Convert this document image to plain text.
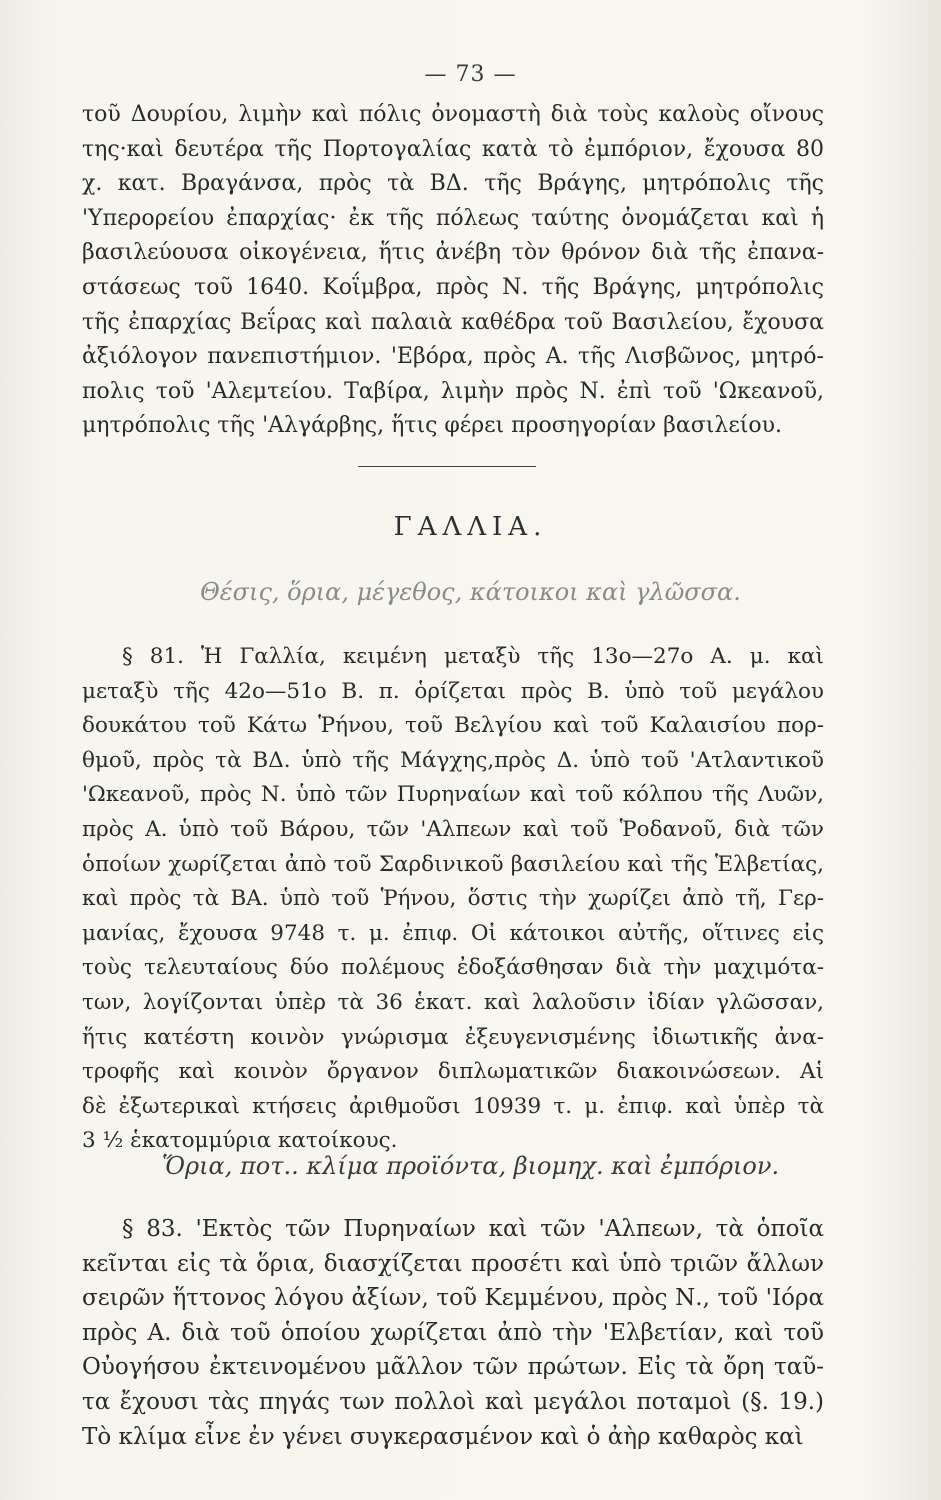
— 73 —
τοῦ Δουρίου, λιμὴν καὶ πόλις ὀνομαστὴ διὰ τοὺς καλοὺς οἴνους
της·καὶ δευτέρα τῆς Πορτογαλίας κατὰ τὸ ἐμπόριον, ἔχουσα 80
χ. κατ. Βραγάνσα, πρὸς τὰ ΒΔ. τῆς Βράγης, μητρόπολις τῆς
'Υπερορείου ἐπαρχίας· ἐκ τῆς πόλεως ταύτης ὀνομάζεται καὶ ἡ
βασιλεύουσα οἰκογένεια, ἥτις ἀνέβη τὸν θρόνον διὰ τῆς ἐπανα-
στάσεως τοῦ 1640. Κοΐμβρα, πρὸς Ν. τῆς Βράγης, μητρόπολις
τῆς ἐπαρχίας Βεΐρας καὶ παλαιὰ καθέδρα τοῦ Βασιλείου, ἔχουσα
ἀξιόλογον πανεπιστήμιον. 'Εβόρα, πρὸς Α. τῆς Λισβῶνος, μητρό-
πολις τοῦ 'Αλεμτείου. Ταβίρα, λιμὴν πρὸς Ν. ἐπὶ τοῦ 'Ωκεανοῦ,
μητρόπολις τῆς 'Αλγάρβης, ἥτις φέρει προσηγορίαν βασιλείου.
ΓΑΛΛΙΑ.
Θέσις, ὅρια, μέγεθος, κάτοικοι καὶ γλῶσσα.
§ 81. Ἡ Γαλλία, κειμένη μεταξὺ τῆς 13ο—27ο Α. μ. καὶ
μεταξὺ τῆς 42ο—51ο Β. π. ὁρίζεται πρὸς Β. ὑπὸ τοῦ μεγάλου
δουκάτου τοῦ Κάτω Ῥήνου, τοῦ Βελγίου καὶ τοῦ Καλαισίου πορ-
θμοῦ, πρὸς τὰ ΒΔ. ὑπὸ τῆς Μάγχης,πρὸς Δ. ὑπὸ τοῦ 'Ατλαντικοῦ
'Ωκεανοῦ, πρὸς Ν. ὑπὸ τῶν Πυρηναίων καὶ τοῦ κόλπου τῆς Λυῶν,
πρὸς Α. ὑπὸ τοῦ Βάρου, τῶν 'Αλπεων καὶ τοῦ Ῥοδανοῦ, διὰ τῶν
ὁποίων χωρίζεται ἀπὸ τοῦ Σαρδινικοῦ βασιλείου καὶ τῆς Ἑλβετίας,
καὶ πρὸς τὰ ΒΑ. ὑπὸ τοῦ Ῥήνου, ὅστις τὴν χωρίζει ἀπὸ τῆ, Γερ-
μανίας, ἔχουσα 9748 τ. μ. ἐπιφ. Οἱ κάτοικοι αὐτῆς, οἵτινες εἰς
τοὺς τελευταίους δύο πολέμους ἐδοξάσθησαν διὰ τὴν μαχιμότα-
των, λογίζονται ὑπὲρ τὰ 36 ἑκατ. καὶ λαλοῦσιν ἰδίαν γλῶσσαν,
ἥτις κατέστη κοινὸν γνώρισμα ἐξευγενισμένης ἰδιωτικῆς ἀνα-
τροφῆς καὶ κοινὸν ὄργανον διπλωματικῶν διακοινώσεων. Αἱ
δὲ ἐξωτερικαὶ κτήσεις ἀριθμοῦσι 10939 τ. μ. ἐπιφ. καὶ ὑπὲρ τὰ
3 ½ ἑκατομμύρια κατοίκους.
Ὅρια, ποτ.. κλίμα προϊόντα, βιομηχ. καὶ ἐμπόριον.
§ 83. 'Εκτὸς τῶν Πυρηναίων καὶ τῶν 'Αλπεων, τὰ ὁποῖα
κεῖνται εἰς τὰ ὅρια, διασχίζεται προσέτι καὶ ὑπὸ τριῶν ἄλλων
σειρῶν ἥττονος λόγου ἀξίων, τοῦ Κεμμένου, πρὸς Ν., τοῦ 'Ιόρα
πρὸς Α. διὰ τοῦ ὁποίου χωρίζεται ἀπὸ τὴν 'Ελβετίαν, καὶ τοῦ
Οὐογήσου ἐκτεινομένου μᾶλλον τῶν πρώτων. Εἰς τὰ ὄρη ταῦ-
τα ἔχουσι τὰς πηγάς των πολλοὶ καὶ μεγάλοι ποταμοὶ (§. 19.)
Τὸ κλίμα εἶνε ἐν γένει συγκερασμένον καὶ ὁ ἀὴρ καθαρὸς καὶ
